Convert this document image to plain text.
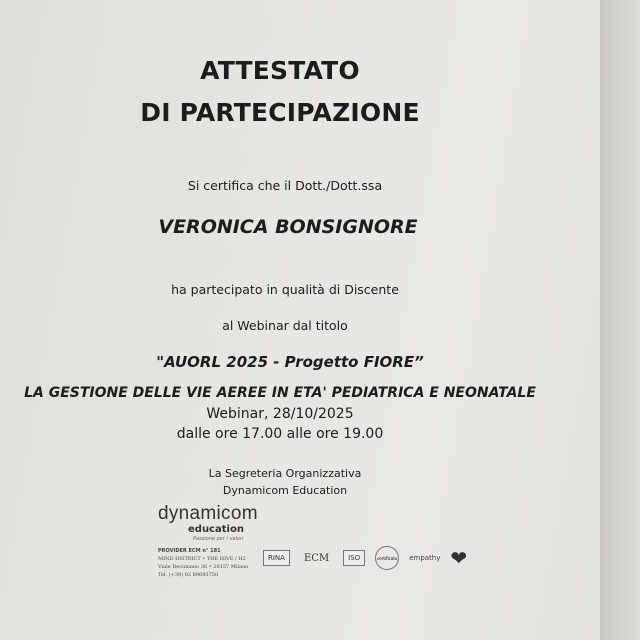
ATTESTATO
DI PARTECIPAZIONE
Si certifica che il Dott./Dott.ssa
VERONICA BONSIGNORE
ha partecipato in qualità di Discente
al Webinar dal titolo
"AUORL 2025 - Progetto FIORE”
LA GESTIONE DELLE VIE AEREE IN ETA' PEDIATRICA E NEONATALE
Webinar, 28/10/2025
dalle ore 17.00 alle ore 19.00
La Segreteria Organizzativa
Dynamicom Education
dynamicom
education
Passione per i valori
PROVIDER ECM n° 181
MIND DISTRICT • THE HIVE / H2
Viale Decumano 36 • 20157 Milano
Tel. (+39) 02 89693750
RINA	ECM	ISO	certificato empathy ❤
